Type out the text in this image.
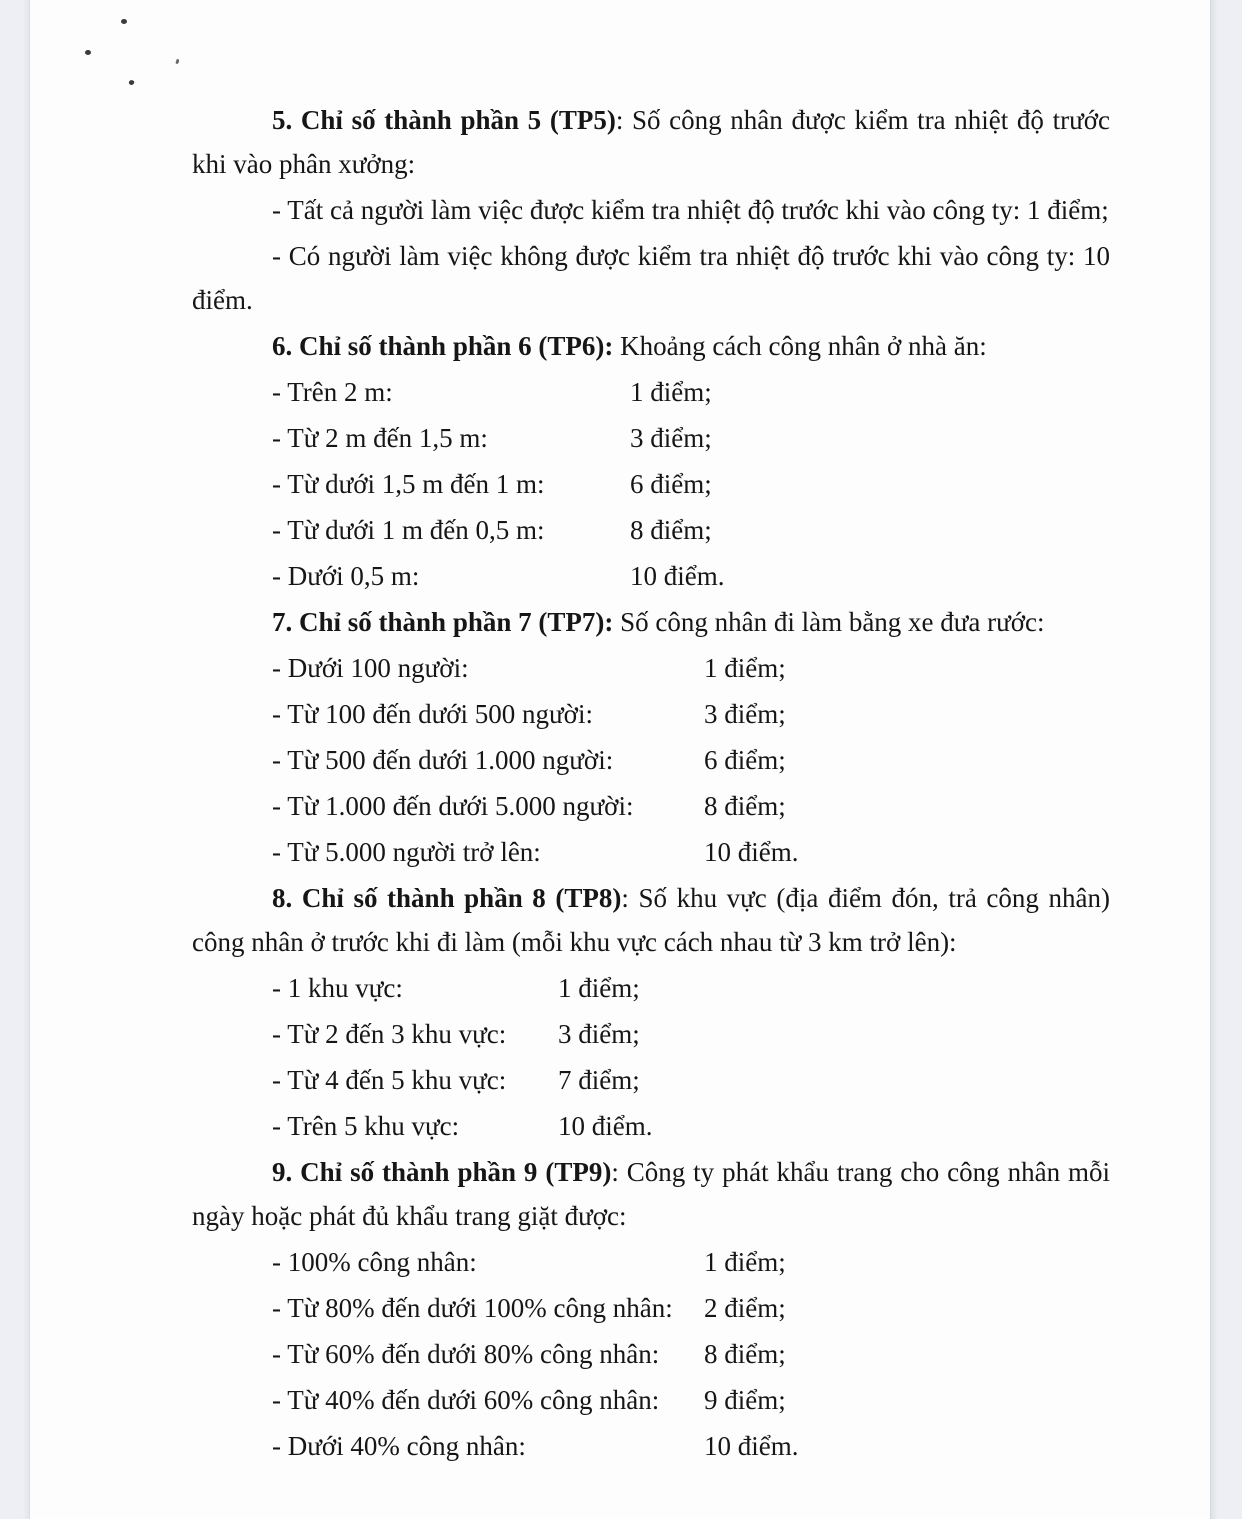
5. Chỉ số thành phần 5 (TP5): Số công nhân được kiểm tra nhiệt độ trước khi vào phân xưởng:

- Tất cả người làm việc được kiểm tra nhiệt độ trước khi vào công ty: 1 điểm;

- Có người làm việc không được kiểm tra nhiệt độ trước khi vào công ty: 10 điểm.

6. Chỉ số thành phần 6 (TP6): Khoảng cách công nhân ở nhà ăn:

- Trên 2 m:	1 điểm;
- Từ 2 m đến 1,5 m:	3 điểm;
- Từ dưới 1,5 m đến 1 m:	6 điểm;
- Từ dưới 1 m đến 0,5 m:	8 điểm;
- Dưới 0,5 m:	10 điểm.

7. Chỉ số thành phần 7 (TP7): Số công nhân đi làm bằng xe đưa rước:

- Dưới 100 người:	1 điểm;
- Từ 100 đến dưới 500 người:	3 điểm;
- Từ 500 đến dưới 1.000 người:	6 điểm;
- Từ 1.000 đến dưới 5.000 người:	8 điểm;
- Từ 5.000 người trở lên:	10 điểm.

8. Chỉ số thành phần 8 (TP8): Số khu vực (địa điểm đón, trả công nhân) công nhân ở trước khi đi làm (mỗi khu vực cách nhau từ 3 km trở lên):

- 1 khu vực:	1 điểm;
- Từ 2 đến 3 khu vực: 3 điểm;
- Từ 4 đến 5 khu vực: 7 điểm;
- Trên 5 khu vực:	10 điểm.

9. Chỉ số thành phần 9 (TP9): Công ty phát khẩu trang cho công nhân mỗi ngày hoặc phát đủ khẩu trang giặt được:

- 100% công nhân:	1 điểm;
- Từ 80% đến dưới 100% công nhân: 2 điểm;
- Từ 60% đến dưới 80% công nhân: 8 điểm;
- Từ 40% đến dưới 60% công nhân: 9 điểm;
- Dưới 40% công nhân:	10 điểm.
